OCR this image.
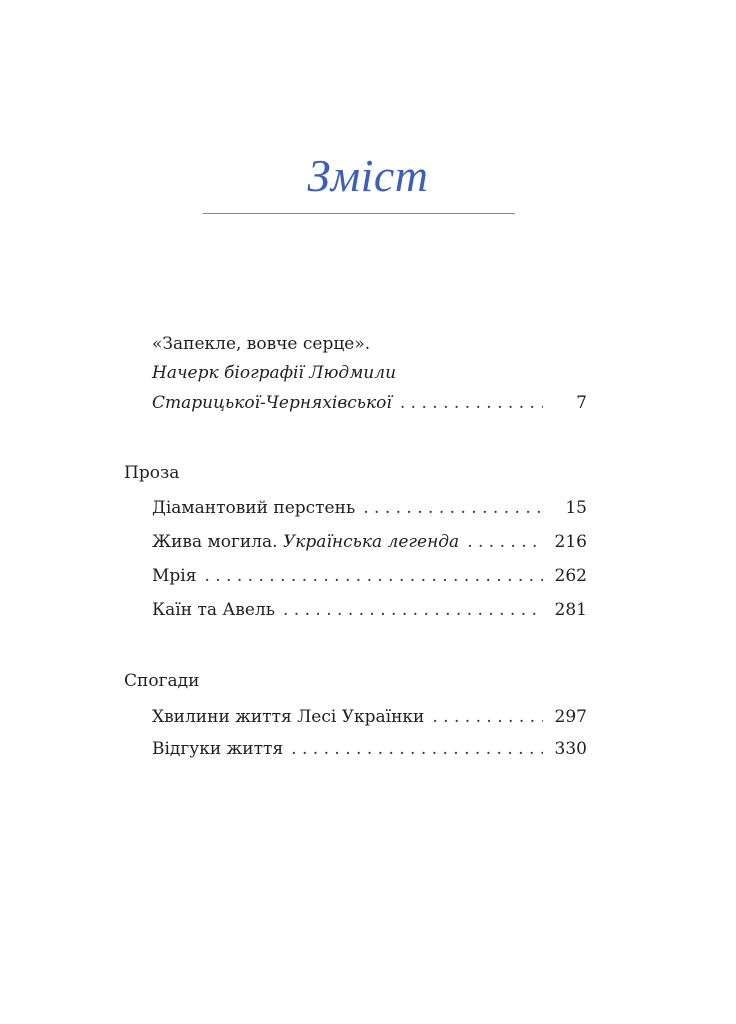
Зміст
«Запекле, вовче серце».
Начерк біографії Людмили
Старицької-Черняхівської . . .	7
Проза
Діамантовий перстень . . .	15
Жива могила. Українська легенда . . .	216
Мрія . . .	262
Каїн та Авель . . .	281
Спогади
Хвилини життя Лесі Українки . . .	297
Відгуки життя . . .	330
